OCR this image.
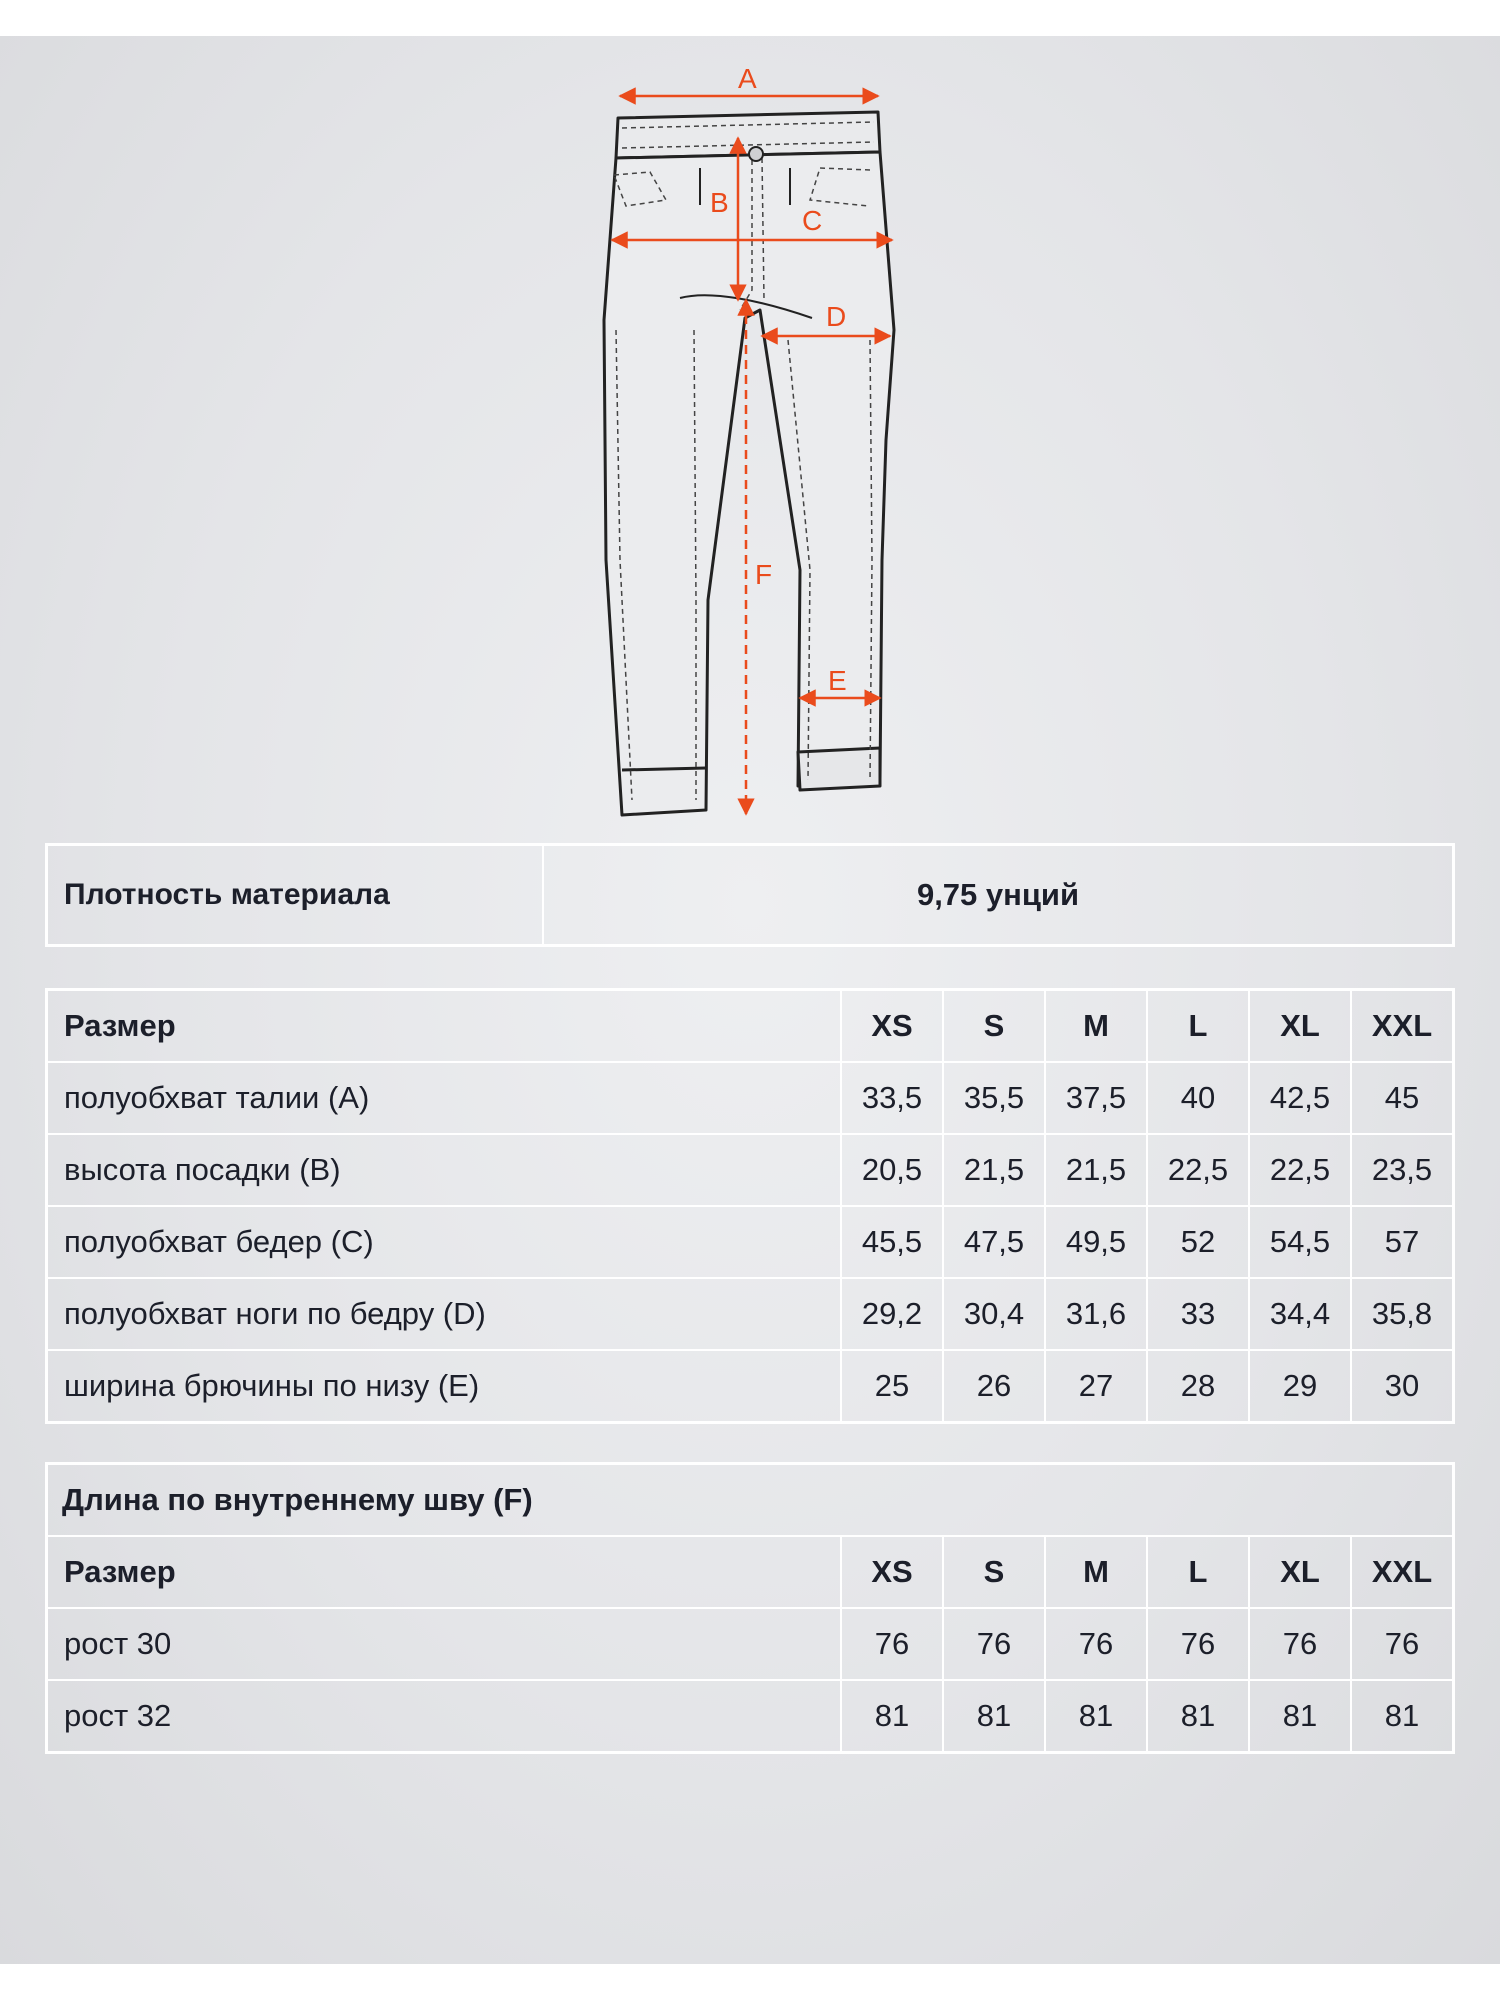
A
B
C
D
E
F
Плотность материала	9,75 унций
Размер	XS	S	M	L	XL	XXL
полуобхват талии (A)	33,5	35,5	37,5	40	42,5	45
высота посадки (B)	20,5	21,5	21,5	22,5	22,5	23,5
полуобхват бедер (C)	45,5	47,5	49,5	52	54,5	57
полуобхват ноги по бедру (D)	29,2	30,4	31,6	33	34,4	35,8
ширина брючины по низу (E)	25	26	27	28	29	30
Длина по внутреннему шву (F)						
Размер	XS	S	M	L	XL	XXL
рост 30	76	76	76	76	76	76
рост 32	81	81	81	81	81	81
